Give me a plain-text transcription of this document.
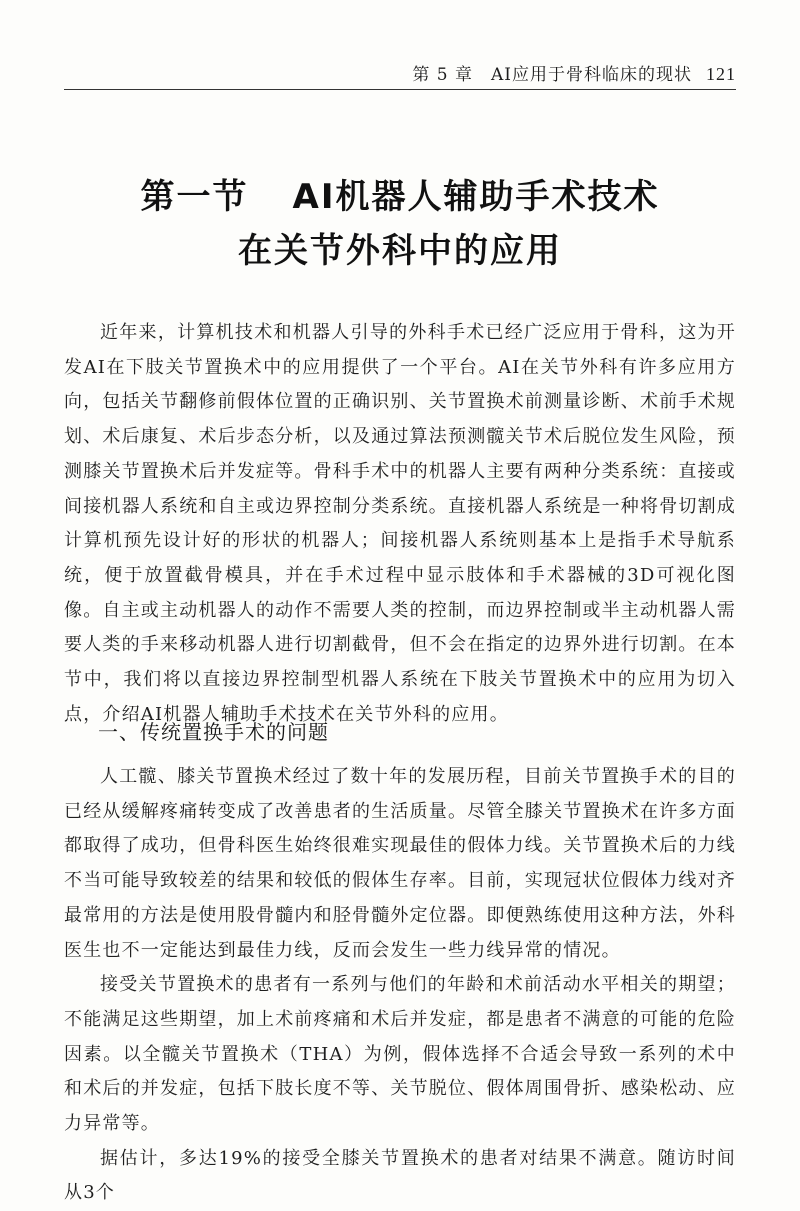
第 5 章 AI应用于骨科临床的现状 121
第一节 AI机器人辅助手术技术
在关节外科中的应用

近年来，计算机技术和机器人引导的外科手术已经广泛应用于骨科，这为开发AI在下肢关节置换术中的应用提供了一个平台。AI在关节外科有许多应用方向，包括关节翻修前假体位置的正确识别、关节置换术前测量诊断、术前手术规划、术后康复、术后步态分析，以及通过算法预测髋关节术后脱位发生风险，预测膝关节置换术后并发症等。骨科手术中的机器人主要有两种分类系统：直接或间接机器人系统和自主或边界控制分类系统。直接机器人系统是一种将骨切割成计算机预先设计好的形状的机器人；间接机器人系统则基本上是指手术导航系统，便于放置截骨模具，并在手术过程中显示肢体和手术器械的3D可视化图像。自主或主动机器人的动作不需要人类的控制，而边界控制或半主动机器人需要人类的手来移动机器人进行切割截骨，但不会在指定的边界外进行切割。在本节中，我们将以直接边界控制型机器人系统在下肢关节置换术中的应用为切入点，介绍AI机器人辅助手术技术在关节外科的应用。

一、传统置换手术的问题

人工髋、膝关节置换术经过了数十年的发展历程，目前关节置换手术的目的已经从缓解疼痛转变成了改善患者的生活质量。尽管全膝关节置换术在许多方面都取得了成功，但骨科医生始终很难实现最佳的假体力线。关节置换术后的力线不当可能导致较差的结果和较低的假体生存率。目前，实现冠状位假体力线对齐最常用的方法是使用股骨髓内和胫骨髓外定位器。即便熟练使用这种方法，外科医生也不一定能达到最佳力线，反而会发生一些力线异常的情况。

接受关节置换术的患者有一系列与他们的年龄和术前活动水平相关的期望；不能满足这些期望，加上术前疼痛和术后并发症，都是患者不满意的可能的危险因素。以全髋关节置换术（THA）为例，假体选择不合适会导致一系列的术中和术后的并发症，包括下肢长度不等、关节脱位、假体周围骨折、感染松动、应力异常等。

据估计，多达19%的接受全膝关节置换术的患者对结果不满意。随访时间从3个
